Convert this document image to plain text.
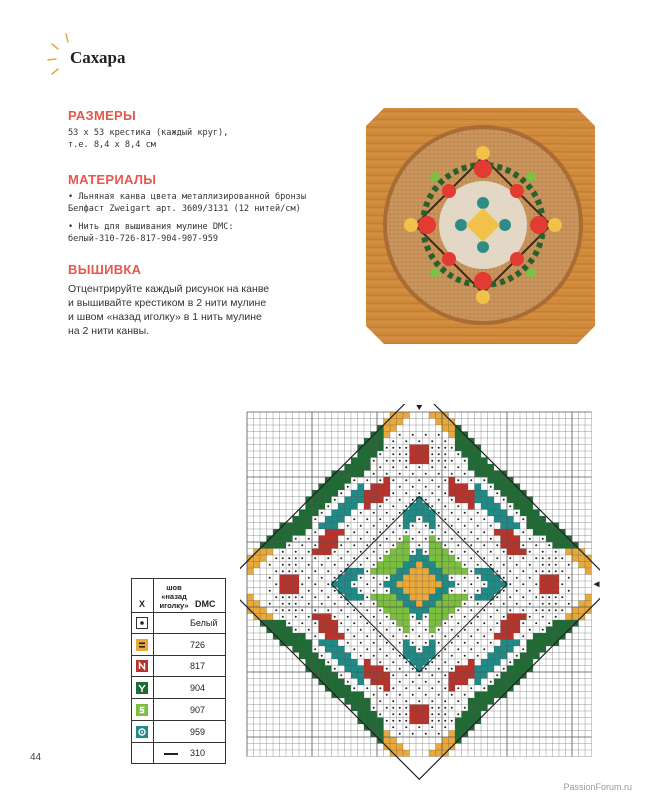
Сахара
РАЗМЕРЫ
53 x 53 крестика (каждый круг),
т.е. 8,4 x 8,4 см
МАТЕРИАЛЫ
• Льняная канва цвета металлизированной бронзы
Белфаст Zweigart арт. 3609/3131 (12 нитей/см)
• Нить для вышивания мулине DMC:
белый-310-726-817-904-907-959
ВЫШИВКА
Отцентрируйте каждый рисунок на канве
и вышивайте крестиком в 2 нити мулине
и швом «назад иголку» в 1 нить мулине
на 2 нити канвы.
X
шов «назад иголку» DMC
Белый
726
817
904
907
959
310
44
PassionForum.ru
